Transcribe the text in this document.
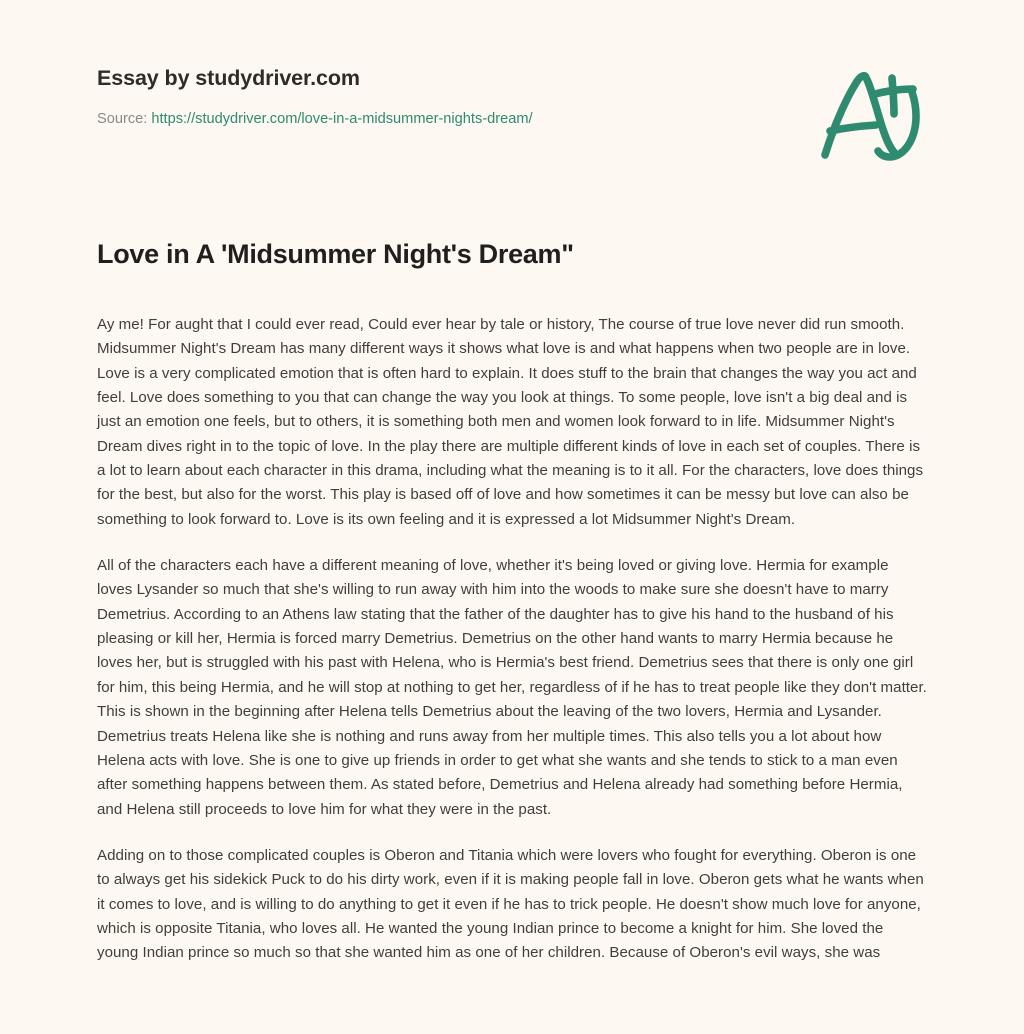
Essay by studydriver.com
Source: https://studydriver.com/love-in-a-midsummer-nights-dream/
Love in A 'Midsummer Night's Dream"

Ay me! For aught that I could ever read, Could ever hear by tale or history, The course of true love never did run smooth. Midsummer Night's Dream has many different ways it shows what love is and what happens when two people are in love. Love is a very complicated emotion that is often hard to explain. It does stuff to the brain that changes the way you act and feel. Love does something to you that can change the way you look at things. To some people, love isn't a big deal and is just an emotion one feels, but to others, it is something both men and women look forward to in life. Midsummer Night's Dream dives right in to the topic of love. In the play there are multiple different kinds of love in each set of couples. There is a lot to learn about each character in this drama, including what the meaning is to it all. For the characters, love does things for the best, but also for the worst. This play is based off of love and how sometimes it can be messy but love can also be something to look forward to. Love is its own feeling and it is expressed a lot Midsummer Night's Dream.

All of the characters each have a different meaning of love, whether it's being loved or giving love. Hermia for example loves Lysander so much that she's willing to run away with him into the woods to make sure she doesn't have to marry Demetrius. According to an Athens law stating that the father of the daughter has to give his hand to the husband of his pleasing or kill her, Hermia is forced marry Demetrius. Demetrius on the other hand wants to marry Hermia because he loves her, but is struggled with his past with Helena, who is Hermia's best friend. Demetrius sees that there is only one girl for him, this being Hermia, and he will stop at nothing to get her, regardless of if he has to treat people like they don't matter. This is shown in the beginning after Helena tells Demetrius about the leaving of the two lovers, Hermia and Lysander. Demetrius treats Helena like she is nothing and runs away from her multiple times. This also tells you a lot about how Helena acts with love. She is one to give up friends in order to get what she wants and she tends to stick to a man even after something happens between them. As stated before, Demetrius and Helena already had something before Hermia, and Helena still proceeds to love him for what they were in the past.

Adding on to those complicated couples is Oberon and Titania which were lovers who fought for everything. Oberon is one to always get his sidekick Puck to do his dirty work, even if it is making people fall in love. Oberon gets what he wants when it comes to love, and is willing to do anything to get it even if he has to trick people. He doesn't show much love for anyone, which is opposite Titania, who loves all. He wanted the young Indian prince to become a knight for him. She loved the young Indian prince so much so that she wanted him as one of her children. Because of Oberon's evil ways, she was
